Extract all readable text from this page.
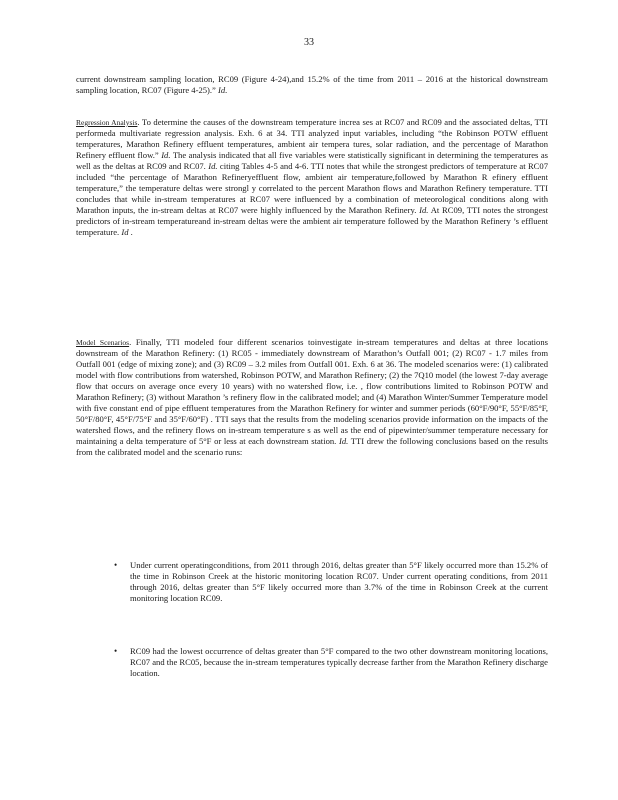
33
current downstream sampling location, RC09 (Figure 4-24),and 15.2% of the time from 2011 – 2016 at the historical downstream sampling location, RC07 (Figure 4-25).” Id.
Regression Analysis. To determine the causes of the downstream temperature increa ses at RC07 and RC09 and the associated deltas, TTI performeda multivariate regression analysis. Exh. 6 at 34. TTI analyzed input variables, including “the Robinson POTW effluent temperatures, Marathon Refinery effluent temperatures, ambient air tempera tures, solar radiation, and the percentage of Marathon Refinery effluent flow.” Id. The analysis indicated that all five variables were statistically significant in determining the temperatures as well as the deltas at RC09 and RC07. Id. citing Tables 4-5 and 4-6. TTI notes that while the strongest predictors of temperature at RC07 included “the percentage of Marathon Refineryeffluent flow, ambient air temperature,followed by Marathon R efinery effluent temperature,” the temperature deltas were strongl y correlated to the percent Marathon flows and Marathon Refinery temperature. TTI concludes that while in-stream temperatures at RC07 were influenced by a combination of meteorological conditions along with Marathon inputs, the in-stream deltas at RC07 were highly influenced by the Marathon Refinery. Id. At RC09, TTI notes the strongest predictors of in-stream temperatureand in-stream deltas were the ambient air temperature followed by the Marathon Refinery ’s effluent temperature. Id .
Model Scenarios. Finally, TTI modeled four different scenarios toinvestigate in-stream temperatures and deltas at three locations downstream of the Marathon Refinery: (1) RC05 - immediately downstream of Marathon’s Outfall 001; (2) RC07 - 1.7 miles from Outfall 001 (edge of mixing zone); and (3) RC09 – 3.2 miles from Outfall 001. Exh. 6 at 36. The modeled scenarios were: (1) calibrated model with flow contributions from watershed, Robinson POTW, and Marathon Refinery; (2) the 7Q10 model (the lowest 7-day average flow that occurs on average once every 10 years) with no watershed flow, i.e. , flow contributions limited to Robinson POTW and Marathon Refinery; (3) without Marathon ’s refinery flow in the calibrated model; and (4) Marathon Winter/Summer Temperature model with five constant end of pipe effluent temperatures from the Marathon Refinery for winter and summer periods (60°F/90°F, 55°F/85°F, 50°F/80°F, 45°F/75°F and 35°F/60°F) . TTI says that the results from the modeling scenarios provide information on the impacts of the watershed flows, and the refinery flows on in-stream temperature s as well as the end of pipewinter/summer temperature necessary for maintaining a delta temperature of 5°F or less at each downstream station. Id. TTI drew the following conclusions based on the results from the calibrated model and the scenario runs:
• Under current operatingconditions, from 2011 through 2016, deltas greater than 5°F likely occurred more than 15.2% of the time in Robinson Creek at the historic monitoring location RC07. Under current operating conditions, from 2011 through 2016, deltas greater than 5°F likely occurred more than 3.7% of the time in Robinson Creek at the current monitoring location RC09.
• RC09 had the lowest occurrence of deltas greater than 5°F compared to the two other downstream monitoring locations, RC07 and the RC05, because the in-stream temperatures typically decrease farther from the Marathon Refinery discharge location.
